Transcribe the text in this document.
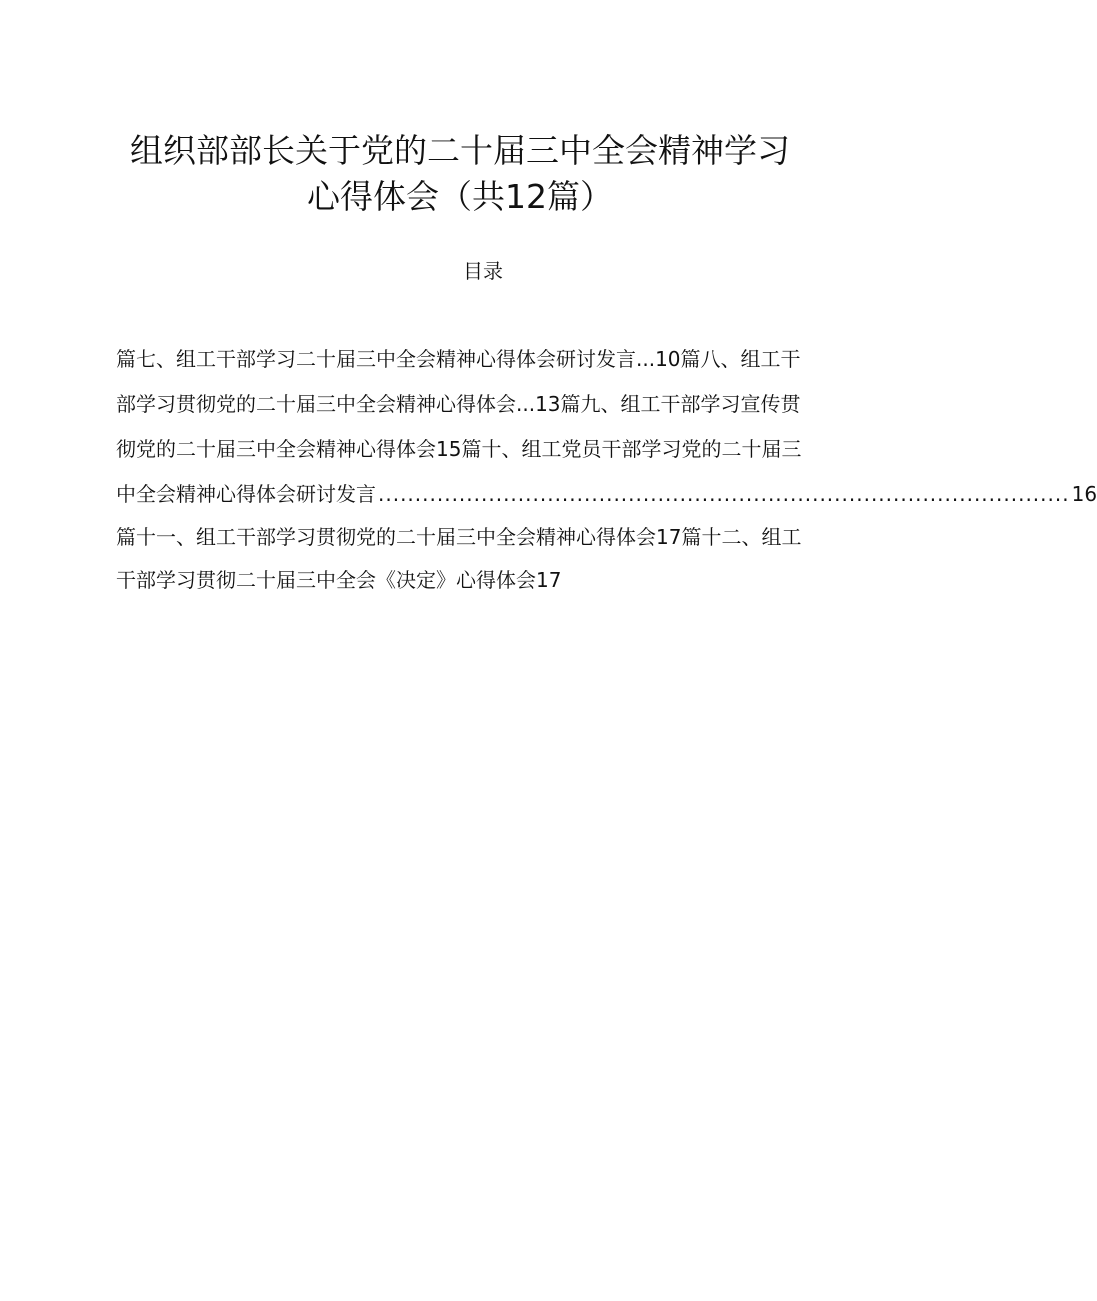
组织部部长关于党的二十届三中全会精神学习
心得体会（共12篇）
目录
篇七、组工干部学习二十届三中全会精神心得体会研讨发言...10篇八、组工干
部学习贯彻党的二十届三中全会精神心得体会...13篇九、组工干部学习宣传贯
彻党的二十届三中全会精神心得体会15篇十、组工党员干部学习党的二十届三
中全会精神心得体会研讨发言 .............................................................................................. 16
篇十一、组工干部学习贯彻党的二十届三中全会精神心得体会17篇十二、组工
干部学习贯彻二十届三中全会《决定》心得体会17
